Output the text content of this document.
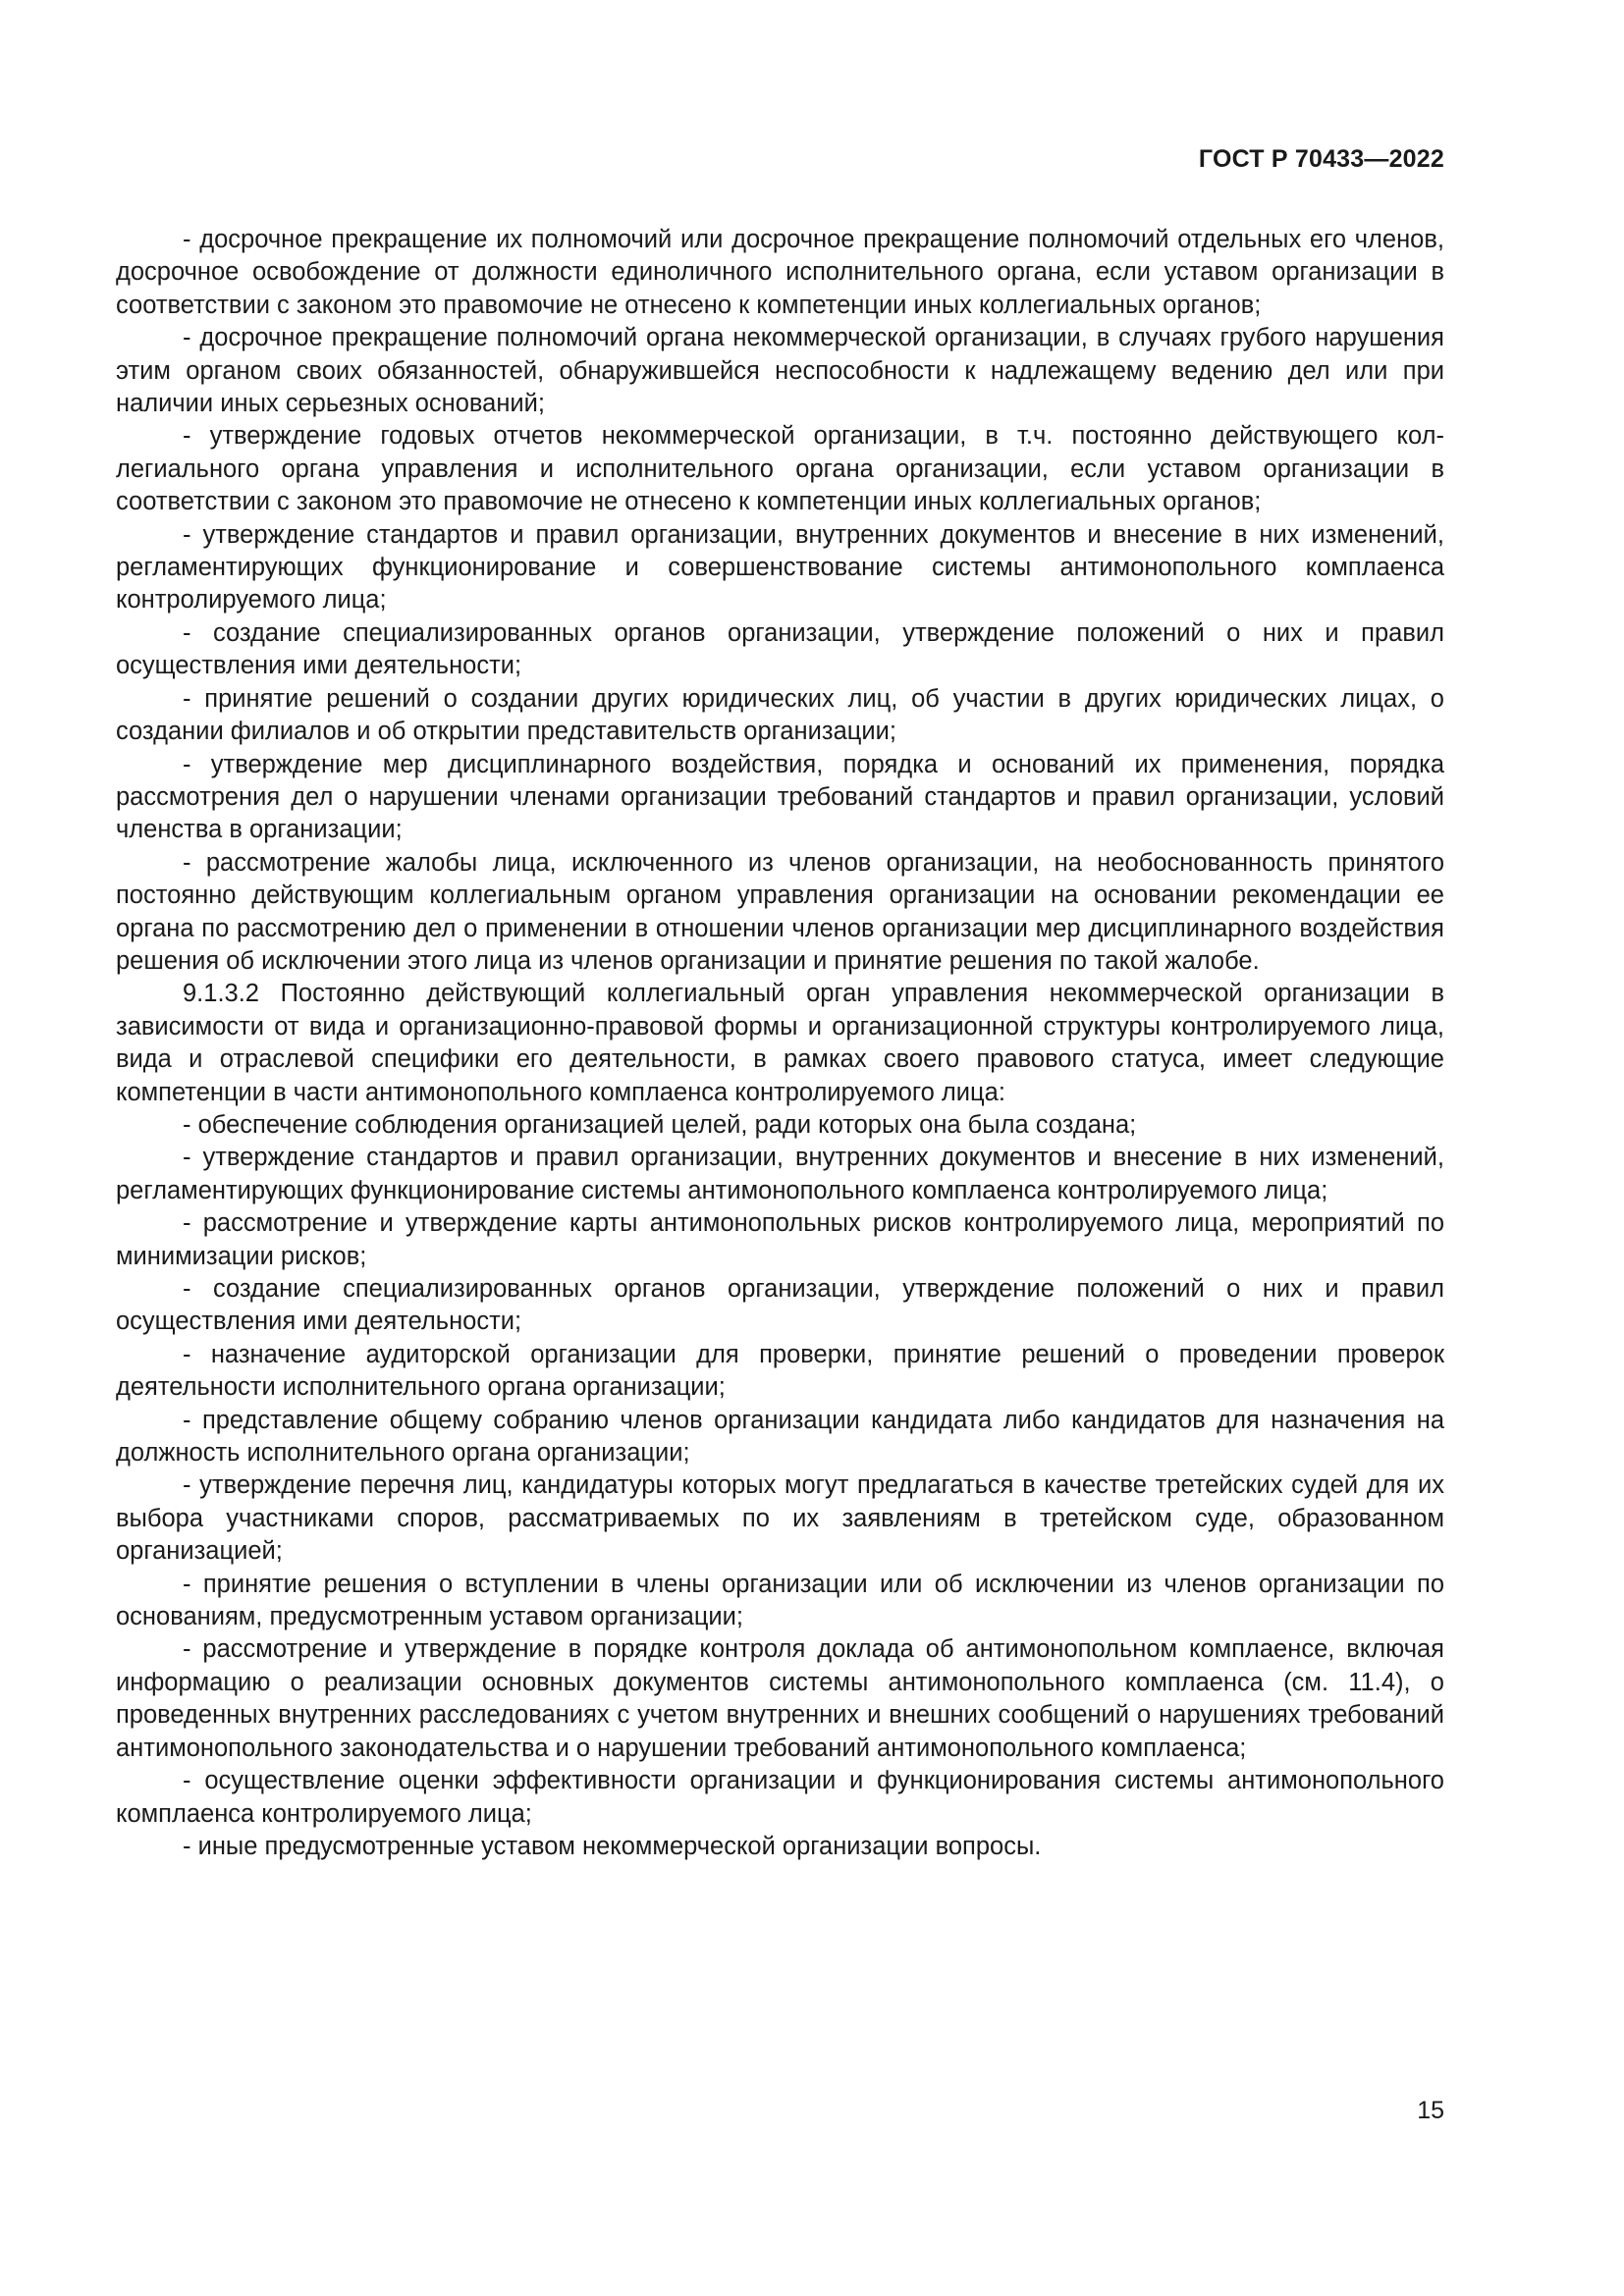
ГОСТ Р 70433—2022

- досрочное прекращение их полномочий или досрочное прекращение полномочий отдельных его членов, досрочное освобождение от должности единоличного исполнительного органа, если уставом организации в соответствии с законом это правомочие не отнесено к компетенции иных коллегиальных органов;

- досрочное прекращение полномочий органа некоммерческой организации, в случаях грубого нарушения этим органом своих обязанностей, обнаружившейся неспособности к надлежащему ведению дел или при наличии иных серьезных оснований;

- утверждение годовых отчетов некоммерческой организации, в т.ч. постоянно действующего коллегиального органа управления и исполнительного органа организации, если уставом организации в соответствии с законом это правомочие не отнесено к компетенции иных коллегиальных органов;

- утверждение стандартов и правил организации, внутренних документов и внесение в них изменений, регламентирующих функционирование и совершенствование системы антимонопольного комплаенса контролируемого лица;

- создание специализированных органов организации, утверждение положений о них и правил осуществления ими деятельности;

- принятие решений о создании других юридических лиц, об участии в других юридических лицах, о создании филиалов и об открытии представительств организации;

- утверждение мер дисциплинарного воздействия, порядка и оснований их применения, порядка рассмотрения дел о нарушении членами организации требований стандартов и правил организации, условий членства в организации;

- рассмотрение жалобы лица, исключенного из членов организации, на необоснованность принятого постоянно действующим коллегиальным органом управления организации на основании рекомендации ее органа по рассмотрению дел о применении в отношении членов организации мер дисциплинарного воздействия решения об исключении этого лица из членов организации и принятие решения по такой жалобе.

9.1.3.2 Постоянно действующий коллегиальный орган управления некоммерческой организации в зависимости от вида и организационно-правовой формы и организационной структуры контролируемого лица, вида и отраслевой специфики его деятельности, в рамках своего правового статуса, имеет следующие компетенции в части антимонопольного комплаенса контролируемого лица:

- обеспечение соблюдения организацией целей, ради которых она была создана;

- утверждение стандартов и правил организации, внутренних документов и внесение в них изменений, регламентирующих функционирование системы антимонопольного комплаенса контролируемого лица;

- рассмотрение и утверждение карты антимонопольных рисков контролируемого лица, мероприятий по минимизации рисков;

- создание специализированных органов организации, утверждение положений о них и правил осуществления ими деятельности;

- назначение аудиторской организации для проверки, принятие решений о проведении проверок деятельности исполнительного органа организации;

- представление общему собранию членов организации кандидата либо кандидатов для назначения на должность исполнительного органа организации;

- утверждение перечня лиц, кандидатуры которых могут предлагаться в качестве третейских судей для их выбора участниками споров, рассматриваемых по их заявлениям в третейском суде, образованном организацией;

- принятие решения о вступлении в члены организации или об исключении из членов организации по основаниям, предусмотренным уставом организации;

- рассмотрение и утверждение в порядке контроля доклада об антимонопольном комплаенсе, включая информацию о реализации основных документов системы антимонопольного комплаенса (см. 11.4), о проведенных внутренних расследованиях с учетом внутренних и внешних сообщений о нарушениях требований антимонопольного законодательства и о нарушении требований антимонопольного комплаенса;

- осуществление оценки эффективности организации и функционирования системы антимонопольного комплаенса контролируемого лица;

- иные предусмотренные уставом некоммерческой организации вопросы.

15
